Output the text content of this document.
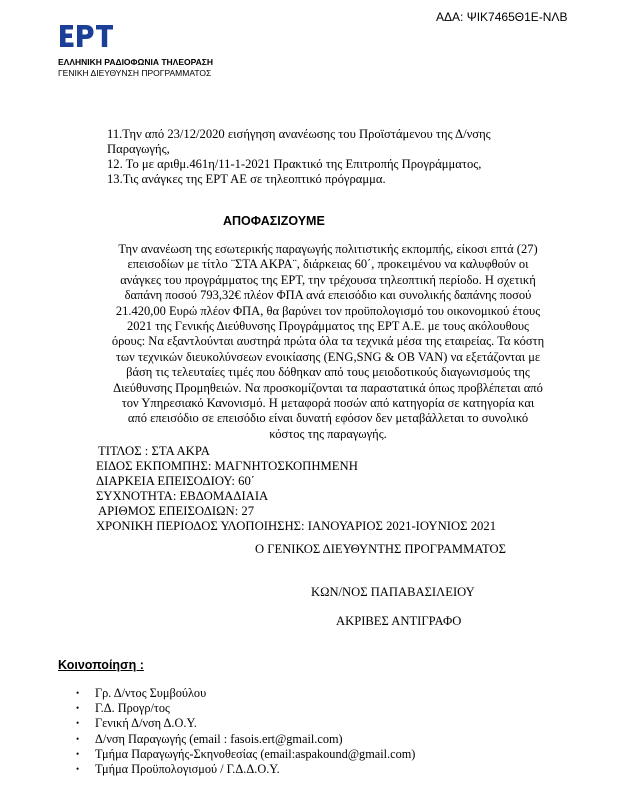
ΑΔΑ: ΨΙΚ7465Θ1Ε-ΝΛΒ
ΕΛΛΗΝΙΚΗ ΡΑΔΙΟΦΩΝΙΑ ΤΗΛΕΟΡΑΣΗ
ΓΕΝΙΚΗ ΔΙΕΥΘΥΝΣΗ ΠΡΟΓΡΑΜΜΑΤΟΣ
11.Την από 23/12/2020 εισήγηση ανανέωσης του Προϊστάμενου της Δ/νσης
Παραγωγής,
12. Το με αριθμ.461η/11-1-2021 Πρακτικό της Επιτροπής Προγράμματος,
13.Τις ανάγκες της ΕΡΤ ΑΕ σε τηλεοπτικό πρόγραμμα.
ΑΠΟΦΑΣΙΖΟΥΜΕ
Την ανανέωση της εσωτερικής παραγωγής πολιτιστικής εκπομπής, είκοσι επτά (27)
επεισοδίων με τίτλο ¨ΣΤΑ ΑΚΡΑ¨, διάρκειας 60΄, προκειμένου να καλυφθούν οι
ανάγκες του προγράμματος της ΕΡΤ, την τρέχουσα τηλεοπτική περίοδο. Η σχετική
δαπάνη ποσού 793,32€ πλέον ΦΠΑ ανά επεισόδιο και συνολικής δαπάνης ποσού
21.420,00 Ευρώ πλέον ΦΠΑ, θα βαρύνει τον προϋπολογισμό του οικονομικού έτους
2021 της Γενικής Διεύθυνσης Προγράμματος της ΕΡΤ Α.Ε. με τους ακόλουθους
όρους: Να εξαντλούνται αυστηρά πρώτα όλα τα τεχνικά μέσα της εταιρείας. Τα κόστη
των τεχνικών διευκολύνσεων ενοικίασης (ENG,SNG & OB VAN) να εξετάζονται με
βάση τις τελευταίες τιμές που δόθηκαν από τους μειοδοτικούς διαγωνισμούς της
Διεύθυνσης Προμηθειών. Να προσκομίζονται τα παραστατικά όπως προβλέπεται από
τον Υπηρεσιακό Κανονισμό. Η μεταφορά ποσών από κατηγορία σε κατηγορία και
από επεισόδιο σε επεισόδιο είναι δυνατή εφόσον δεν μεταβάλλεται το συνολικό
κόστος της παραγωγής.
ΤΙΤΛΟΣ : ΣΤΑ ΑΚΡΑ
ΕΙΔΟΣ ΕΚΠΟΜΠΗΣ: ΜΑΓΝΗΤΟΣΚΟΠΗΜΕΝΗ
ΔΙΑΡΚΕΙΑ ΕΠΕΙΣΟΔΙΟΥ: 60΄
ΣΥΧΝΟΤΗΤΑ: ΕΒΔΟΜΑΔΙΑΙΑ
ΑΡΙΘΜΟΣ ΕΠΕΙΣΟΔΙΩΝ: 27
ΧΡΟΝΙΚΗ ΠΕΡΙΟΔΟΣ ΥΛΟΠΟΙΗΣΗΣ: ΙΑΝΟΥΑΡΙΟΣ 2021-ΙΟΥΝΙΟΣ 2021
Ο ΓΕΝΙΚΟΣ ΔΙΕΥΘΥΝΤΗΣ ΠΡΟΓΡΑΜΜΑΤΟΣ
ΚΩΝ/ΝΟΣ ΠΑΠΑΒΑΣΙΛΕΙΟΥ
ΑΚΡΙΒΕΣ ΑΝΤΙΓΡΑΦΟ
Κοινοποίηση :
• Γρ. Δ/ντος Συμβούλου
• Γ.Δ. Προγρ/τος
• Γενική Δ/νση Δ.Ο.Υ.
• Δ/νση Παραγωγής (email : fasois.ert@gmail.com)
• Τμήμα Παραγωγής-Σκηνοθεσίας (email:aspakound@gmail.com)
• Τμήμα Προϋπολογισμού / Γ.Δ.Δ.Ο.Υ.
